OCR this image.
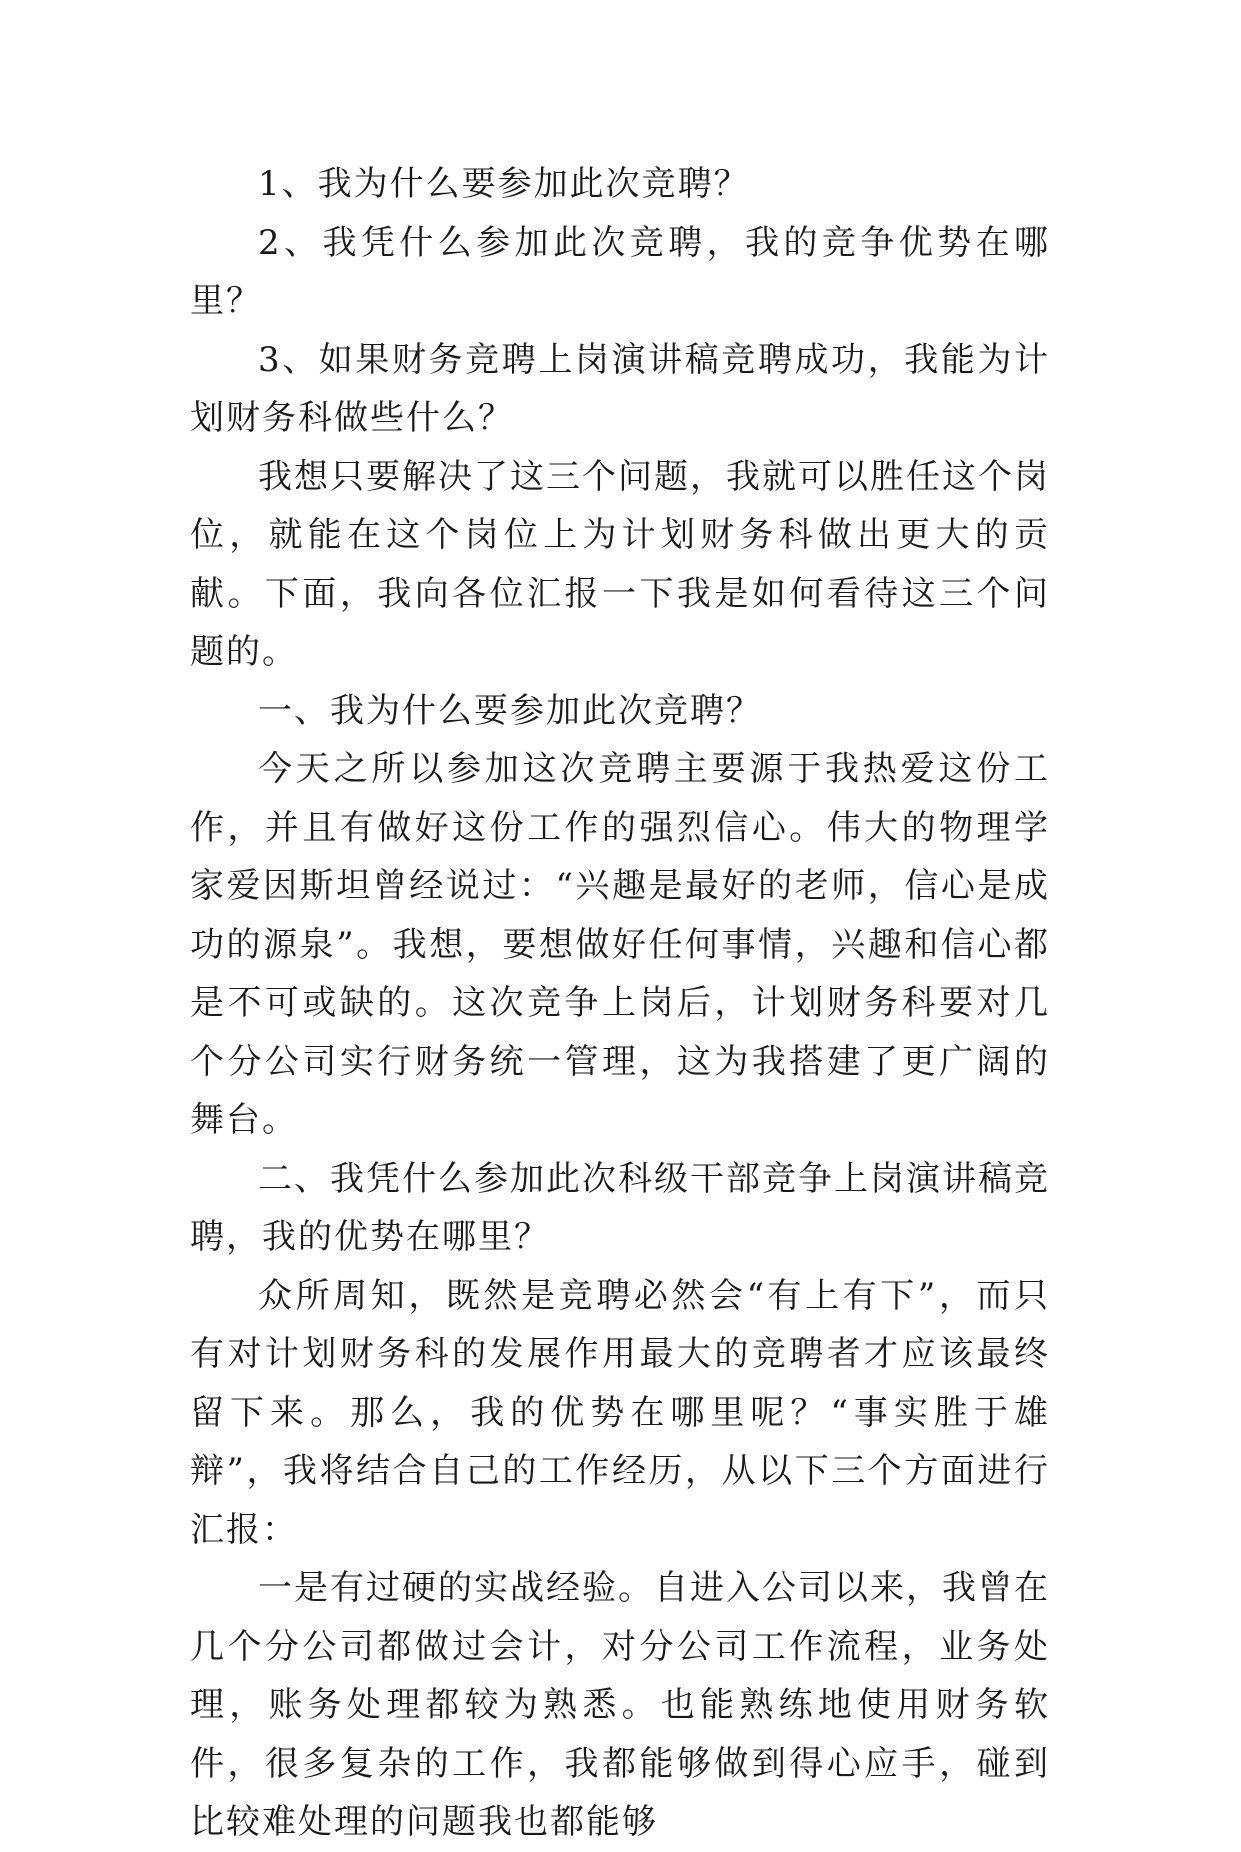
1、我为什么要参加此次竞聘？

2、我凭什么参加此次竞聘，我的竞争优势在哪里？

3、如果财务竞聘上岗演讲稿竞聘成功，我能为计划财务科做些什么？

我想只要解决了这三个问题，我就可以胜任这个岗位，就能在这个岗位上为计划财务科做出更大的贡献。下面，我向各位汇报一下我是如何看待这三个问题的。

一、我为什么要参加此次竞聘？

今天之所以参加这次竞聘主要源于我热爱这份工作，并且有做好这份工作的强烈信心。伟大的物理学家爱因斯坦曾经说过：“兴趣是最好的老师，信心是成功的源泉”。我想，要想做好任何事情，兴趣和信心都是不可或缺的。这次竞争上岗后，计划财务科要对几个分公司实行财务统一管理，这为我搭建了更广阔的舞台。

二、我凭什么参加此次科级干部竞争上岗演讲稿竞聘，我的优势在哪里？

众所周知，既然是竞聘必然会“有上有下”，而只有对计划财务科的发展作用最大的竞聘者才应该最终留下来。那么，我的优势在哪里呢？“事实胜于雄辩”，我将结合自己的工作经历，从以下三个方面进行汇报：

一是有过硬的实战经验。自进入公司以来，我曾在几个分公司都做过会计，对分公司工作流程，业务处理，账务处理都较为熟悉。也能熟练地使用财务软件，很多复杂的工作，我都能够做到得心应手，碰到比较难处理的问题我也都能够
